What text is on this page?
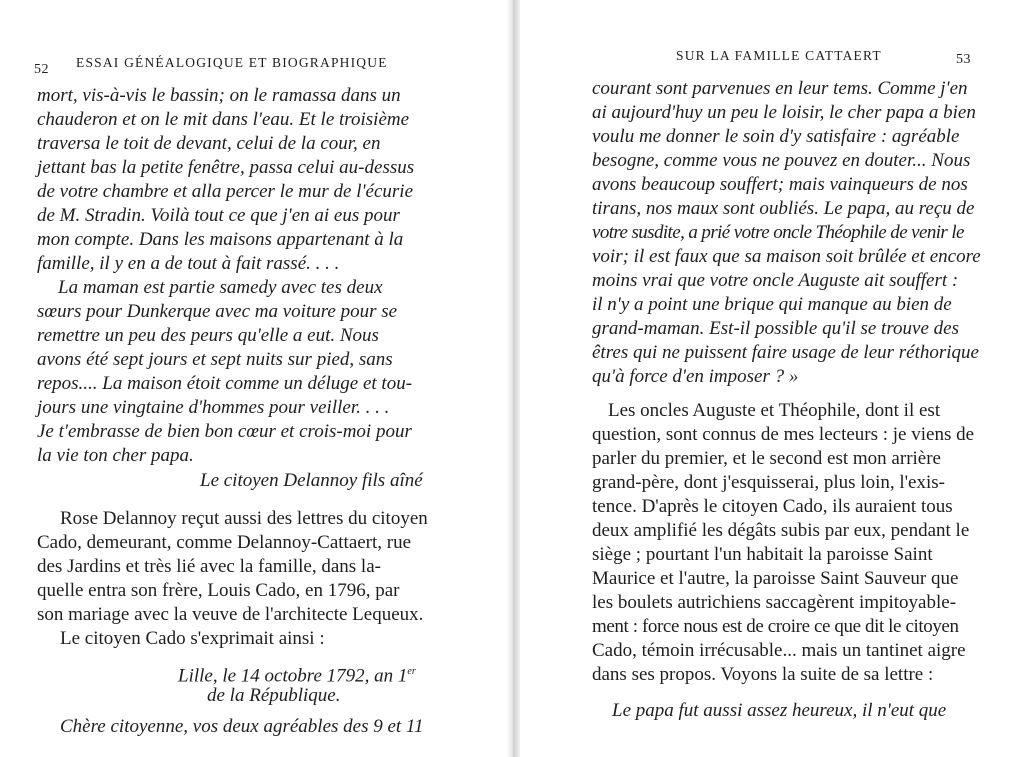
52 ESSAI GÉNÉALOGIQUE ET BIOGRAPHIQUE
mort, vis-à-vis le bassin; on le ramassa dans un
chauderon et on le mit dans l'eau. Et le troisième
traversa le toit de devant, celui de la cour, en
jettant bas la petite fenêtre, passa celui au-dessus
de votre chambre et alla percer le mur de l'écurie
de M. Stradin. Voilà tout ce que j'en ai eus pour
mon compte. Dans les maisons appartenant à la
famille, il y en a de tout à fait rassé. . . .
La maman est partie samedy avec tes deux
sœurs pour Dunkerque avec ma voiture pour se
remettre un peu des peurs qu'elle a eut. Nous
avons été sept jours et sept nuits sur pied, sans
repos.... La maison étoit comme un déluge et tou-
jours une vingtaine d'hommes pour veiller. . . .
Je t'embrasse de bien bon cœur et crois-moi pour
la vie ton cher papa.
Le citoyen Delannoy fils aîné
Rose Delannoy reçut aussi des lettres du citoyen
Cado, demeurant, comme Delannoy-Cattaert, rue
des Jardins et très lié avec la famille, dans la-
quelle entra son frère, Louis Cado, en 1796, par
son mariage avec la veuve de l'architecte Lequeux.
Le citoyen Cado s'exprimait ainsi :
Lille, le 14 octobre 1792, an 1er
de la République.
Chère citoyenne, vos deux agréables des 9 et 11
SUR LA FAMILLE CATTAERT	53
courant sont parvenues en leur tems. Comme j'en
ai aujourd'huy un peu le loisir, le cher papa a bien
voulu me donner le soin d'y satisfaire : agréable
besogne, comme vous ne pouvez en douter... Nous
avons beaucoup souffert; mais vainqueurs de nos
tirans, nos maux sont oubliés. Le papa, au reçu de
votre susdite, a prié votre oncle Théophile de venir le
voir; il est faux que sa maison soit brûlée et encore
moins vrai que votre oncle Auguste ait souffert :
il n'y a point une brique qui manque au bien de
grand-maman. Est-il possible qu'il se trouve des
êtres qui ne puissent faire usage de leur réthorique
qu'à force d'en imposer ? »
Les oncles Auguste et Théophile, dont il est
question, sont connus de mes lecteurs : je viens de
parler du premier, et le second est mon arrière
grand-père, dont j'esquisserai, plus loin, l'exis-
tence. D'après le citoyen Cado, ils auraient tous
deux amplifié les dégâts subis par eux, pendant le
siège ; pourtant l'un habitait la paroisse Saint
Maurice et l'autre, la paroisse Saint Sauveur que
les boulets autrichiens saccagèrent impitoyable-
ment : force nous est de croire ce que dit le citoyen
Cado, témoin irrécusable... mais un tantinet aigre
dans ses propos. Voyons la suite de sa lettre :
Le papa fut aussi assez heureux, il n'eut que
